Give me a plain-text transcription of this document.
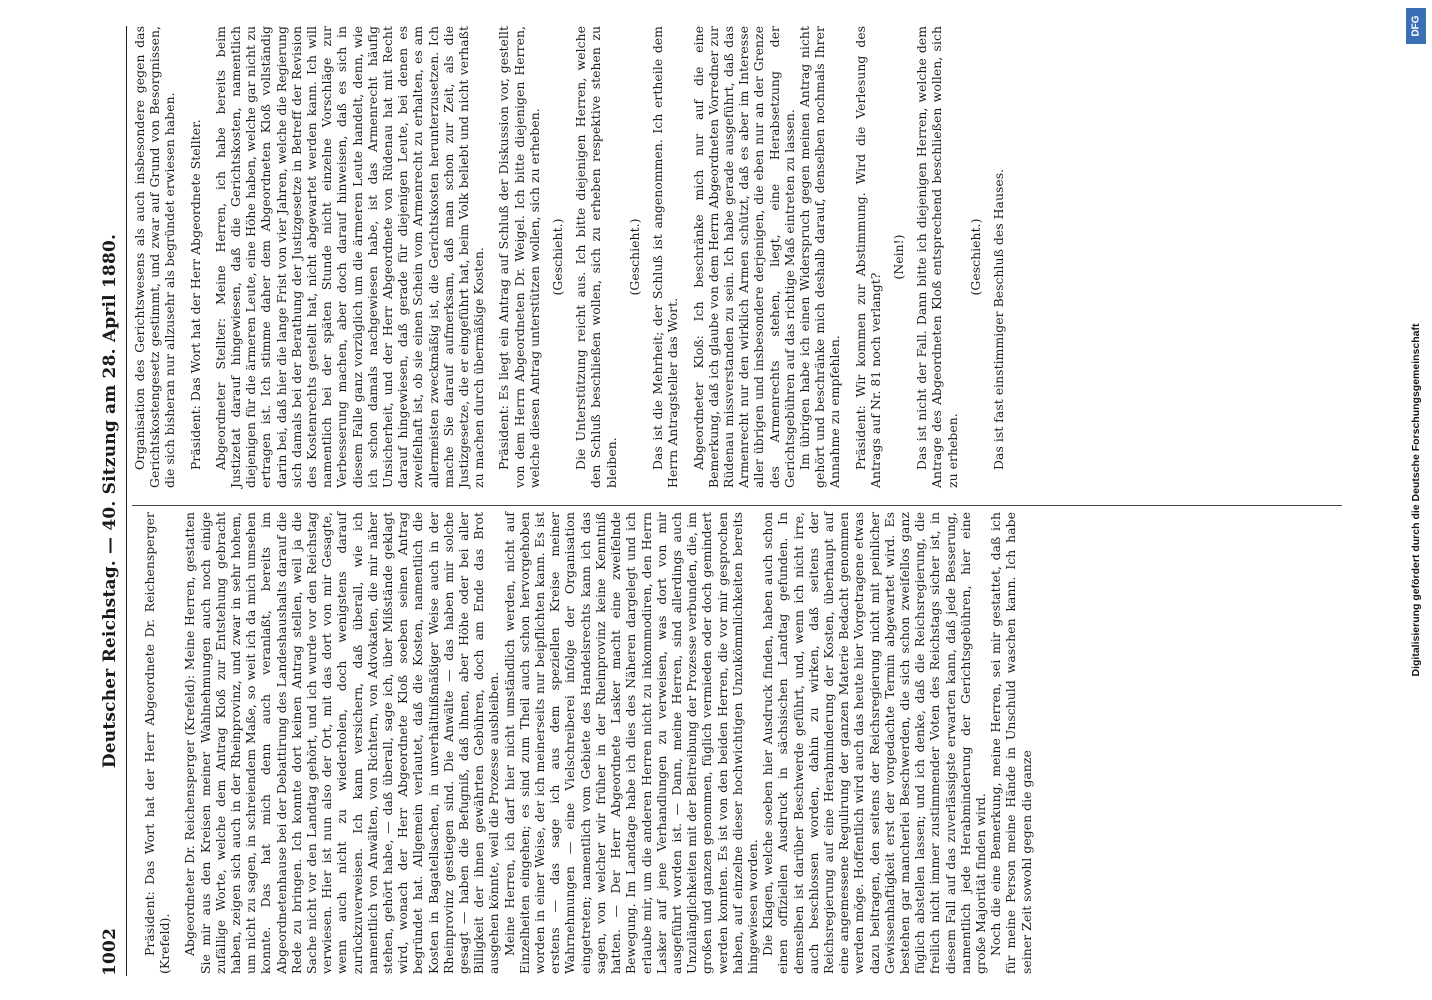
1002
Deutscher Reichstag. — 40. Sitzung am 28. April 1880. Präsident: Das Wort hat der Herr Abgeordnete Dr. Reichensperger (Krefeld). Abgeordneter Dr. Reichensperger (Krefeld): Meine Herren, gestatten Sie mir aus den Kreisen meiner Wahlnehmungen auch noch einige zufällige Worte, welche dem Antrag Kloß zur Entstehung gebracht haben, zeigen sich auch in der Rheinprovinz, und zwar in sehr hohem, um nicht zu sagen, in schreiendem Maße, so weit ich da mich umsehen konnte. Das hat mich denn auch veranlaßt, bereits im Abgeordnetenhause bei der Debattirung des Landeshaushalts darauf die Rede zu bringen. Ich konnte dort keinen Antrag stellen, weil ja die Sache nicht vor den Landtag gehört, und ich wurde vor den Reichstag verwiesen. Hier ist nun also der Ort, mit das dort von mir Gesagte, wenn auch nicht zu wiederholen, doch wenigstens darauf zurückzuverweisen. Ich kann versichern, daß überall, wie ich namentlich von Anwälten, von Richtern, von Advokaten, die mir näher stehen, gehört habe, — daß überall, sage ich, über Mißstände geklagt wird, wonach der Herr Abgeordnete Kloß soeben seinen Antrag begründet hat. Allgemein verlautet, daß die Kosten, namentlich die Kosten in Bagatellsachen, in unverhältnißmäßiger Weise auch in der Rheinprovinz gestiegen sind. Die Anwälte — das haben mir solche gesagt — haben die Befugniß, daß ihnen, aber Höhe oder bei aller Billigkeit der ihnen gewährten Gebühren, doch am Ende das Brot ausgehen könnte, weil die Prozesse ausbleiben. Meine Herren, ich darf hier nicht umständlich werden, nicht auf Einzelheiten eingehen; es sind zum Theil auch schon hervorgehoben worden in einer Weise, der ich meinerseits nur beipflichten kann. Es ist erstens — das sage ich aus dem speziellen Kreise meiner Wahrnehmungen — eine Vielschreiberei infolge der Organisation eingetreten; namentlich vom Gebiete des Handelsrechts kann ich das sagen, von welcher wir früher in der Rheinprovinz keine Kenntniß hatten. — Der Herr Abgeordnete Lasker macht eine zweifelnde Bewegung. Im Landtage habe ich dies des Näheren dargelegt und ich erlaube mir, um die anderen Herren nicht zu inkommodiren, den Herrn Lasker auf jene Verhandlungen zu verweisen, was dort von mir ausgeführt worden ist. — Dann, meine Herren, sind allerdings auch Unzulänglichkeiten mit der Beitreibung der Prozesse verbunden, die, im großen und ganzen genommen, füglich vermieden oder doch gemindert werden konnten. Es ist von den beiden Herren, die vor mir gesprochen haben, auf einzelne dieser hochwichtigen Unzukömmlichkeiten bereits hingewiesen worden. Die Klagen, welche soeben hier Ausdruck finden, haben auch schon einen offiziellen Ausdruck in sächsischen Landtag gefunden. In demselben ist darüber Beschwerde geführt, und, wenn ich nicht irre, auch beschlossen worden, dahin zu wirken, daß seitens der Reichsregierung auf eine Herabminderung der Kosten, überhaupt auf eine angemessene Regulirung der ganzen Materie Bedacht genommen werden möge. Hoffentlich wird auch das heute hier Vorgetragene etwas dazu beitragen, den seitens der Reichsregierung nicht mit peinlicher Gewissenhaftigkeit erst der vorgedachte Termin abgewartet wird. Es bestehen gar mancherlei Beschwerden, die sich schon zweifellos ganz füglich abstellen lassen; und ich denke, daß die Reichsregierung, die freilich nicht immer zustimmender Voten des Reichstags sicher ist, in diesem Fall auf das zuverlässigste erwarten kann, daß jede Besserung, namentlich jede Herabminderung der Gerichtsgebühren, hier eine große Majorität finden wird. Noch die eine Bemerkung, meine Herren, sei mir gestattet, daß ich für meine Person meine Hände in Unschuld waschen kann. Ich habe seiner Zeit sowohl gegen die ganze

Organisation des Gerichtswesens als auch insbesondere gegen das Gerichtskostengesetz gestimmt, und zwar auf Grund von Besorgnissen, die sich bisheran nur allzusehr als begründet erwiesen haben. Präsident: Das Wort hat der Herr Abgeordnete Stellter. Abgeordneter Stellter: Meine Herren, ich habe bereits beim Justizetat darauf hingewiesen, daß die Gerichtskosten, namentlich diejenigen für die ärmeren Leute, eine Höhe haben, welche gar nicht zu ertragen ist. Ich stimme daher dem Abgeordneten Kloß vollständig darin bei, daß hier die lange Frist von vier Jahren, welche die Regierung sich damals bei der Berathung der Justizgesetze in Betreff der Revision des Kostenrechts gestellt hat, nicht abgewartet werden kann. Ich will namentlich bei der späten Stunde nicht einzelne Vorschläge zur Verbesserung machen, aber doch darauf hinweisen, daß es sich in diesem Falle ganz vorzüglich um die ärmeren Leute handelt, denn, wie ich schon damals nachgewiesen habe, ist das Armenrecht häufig Unsicherheit, und der Herr Abgeordnete von Rüdenau hat mit Recht darauf hingewiesen, daß gerade für diejenigen Leute, bei denen es zweifelhaft ist, ob sie einen Schein vom Armenrecht zu erhalten, es am allermeisten zweckmäßig ist, die Gerichtskosten herunterzusetzen. Ich mache Sie darauf aufmerksam, daß man schon zur Zeit, als die Justizgesetze, die er eingeführt hat, beim Volk beliebt und nicht verhaßt zu machen durch übermäßige Kosten. Präsident: Es liegt ein Antrag auf Schluß der Diskussion vor, gestellt von dem Herrn Abgeordneten Dr. Weigel. Ich bitte diejenigen Herren, welche diesen Antrag unterstützen wollen, sich zu erheben. (Geschieht.) Die Unterstützung reicht aus. Ich bitte diejenigen Herren, welche den Schluß beschließen wollen, sich zu erheben respektive stehen zu bleiben.

(Geschieht.) Das ist die Mehrheit; der Schluß ist angenommen. Ich ertheile dem Herrn Antragsteller das Wort. Abgeordneter Kloß: Ich beschränke mich nur auf die eine Bemerkung, daß ich glaube von dem Herrn Abgeordneten Vorredner zur Rüdenau missverstanden zu sein. Ich habe gerade ausgeführt, daß das Armenrecht nur den wirklich Armen schützt, daß es aber im Interesse aller übrigen und insbesondere derjenigen, die eben nur an der Grenze des Armenrechts stehen, liegt, eine Herabsetzung der Gerichtsgebühren auf das richtige Maß eintreten zu lassen. Im übrigen habe ich einen Widerspruch gegen meinen Antrag nicht gehört und beschränke mich deshalb darauf, denselben nochmals Ihrer Annahme zu empfehlen. Präsident: Wir kommen zur Abstimmung. Wird die Verlesung des Antrags auf Nr. 81 noch verlangt?

(Nein!) Das ist nicht der Fall. Dann bitte ich diejenigen Herren, welche dem Antrage des Abgeordneten Kloß entsprechend beschließen wollen, sich zu erheben.

(Geschieht.) Das ist fast einstimmiger Beschluß des Hauses.

Digitalisierung gefördert durch die Deutsche Forschungsgemeinschaft
DFG
